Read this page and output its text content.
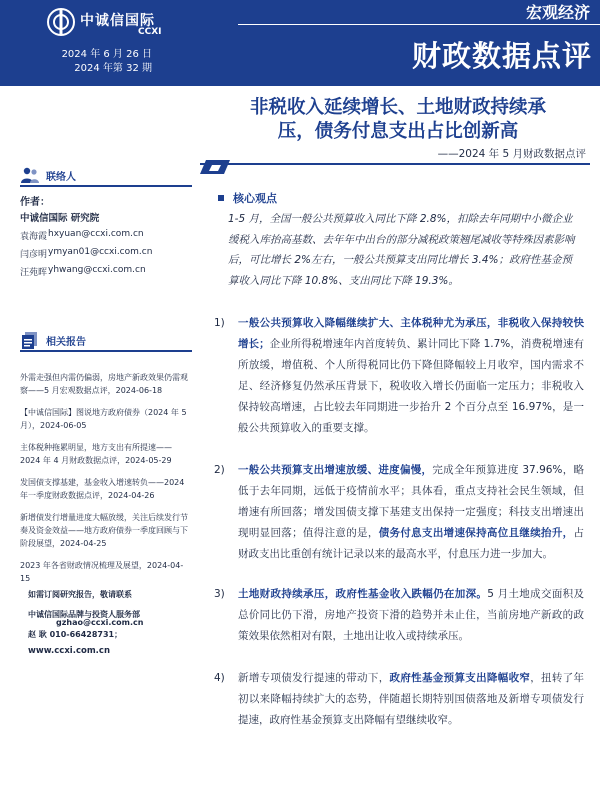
中诚信国际
CCXI
2024 年 6 月 26 日
2024 年第 32 期
宏观经济
财政数据点评
非税收入延续增长、土地财政持续承
压，债务付息支出占比创新高
——2024 年 5 月财政数据点评
联络人
作者：
中诚信国际 研究院
袁海霞 hxyuan@ccxi.com.cn
闫彦明 ymyan01@ccxi.com.cn
汪苑晖 yhwang@ccxi.com.cn
相关报告
外需走强但内需仍偏弱，房地产新政效果仍需观察——5 月宏观数据点评，2024-06-18
【中诚信国际】图说地方政府债券（2024 年 5 月），2024-06-05
主体税种拖累明显，地方支出有所提速——2024 年 4 月财政数据点评，2024-05-29
发国债支撑基建，基金收入增速转负——2024 年一季度财政数据点评，2024-04-26
新增债发行增量进度大幅放缓，关注后续发行节奏及资金效益——地方政府债券一季度回顾与下阶段展望，2024-04-25
2023 年各省财政情况梳理及展望，2024-04-15
如需订阅研究报告，敬请联系
中诚信国际品牌与投资人服务部
赵 耿 010-66428731；
gzhao@ccxi.com.cn
www.ccxi.com.cn
核心观点
1-5 月，全国一般公共预算收入同比下降 2.8%，扣除去年同期中小微企业缓税入库抬高基数、去年年中出台的部分减税政策翘尾减收等特殊因素影响后，可比增长 2%左右，一般公共预算支出同比增长 3.4%；政府性基金预算收入同比下降 10.8%、支出同比下降 19.3%。
1)	一般公共预算收入降幅继续扩大、主体税种尤为承压，非税收入保持较快增长；企业所得税增速年内首度转负、累计同比下降 1.7%，消费税增速有所放缓，增值税、个人所得税同比仍下降但降幅较上月收窄，国内需求不足、经济修复仍然承压背景下，税收收入增长仍面临一定压力；非税收入保持较高增速，占比较去年同期进一步抬升 2 个百分点至 16.97%，是一般公共预算收入的重要支撑。
2)	一般公共预算支出增速放缓、进度偏慢，完成全年预算进度 37.96%，略低于去年同期，远低于疫情前水平；具体看，重点支持社会民生领域，但增速有所回落；增发国债支撑下基建支出保持一定强度；科技支出增速出现明显回落；值得注意的是，债务付息支出增速保持高位且继续抬升，占财政支出比重创有统计记录以来的最高水平，付息压力进一步加大。
3)	土地财政持续承压，政府性基金收入跌幅仍在加深。5 月土地成交面积及总价同比仍下滑，房地产投资下滑的趋势并未止住，当前房地产新政的政策效果依然相对有限，土地出让收入或持续承压。
4)	新增专项债发行提速的带动下，政府性基金预算支出降幅收窄，扭转了年初以来降幅持续扩大的态势，伴随超长期特别国债落地及新增专项债发行提速，政府性基金预算支出降幅有望继续收窄。
